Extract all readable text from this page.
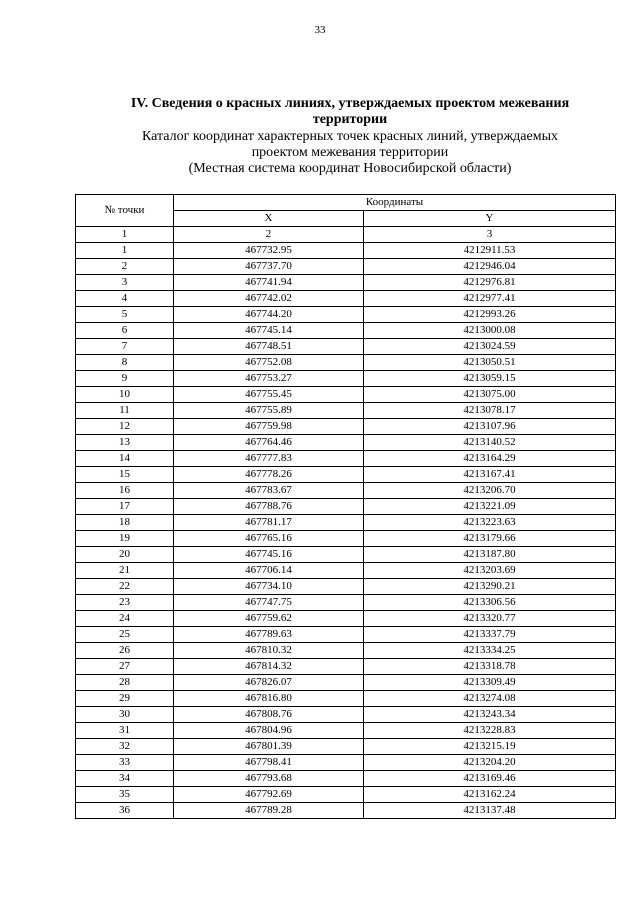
33
IV. Сведения о красных линиях, утверждаемых проектом межевания
территории
Каталог координат характерных точек красных линий, утверждаемых
проектом межевания территории
(Местная система координат Новосибирской области)
№ точки	Координаты	
	X	Y
1	2	3
1	467732.95	4212911.53
2	467737.70	4212946.04
3	467741.94	4212976.81
4	467742.02	4212977.41
5	467744.20	4212993.26
6	467745.14	4213000.08
7	467748.51	4213024.59
8	467752.08	4213050.51
9	467753.27	4213059.15
10	467755.45	4213075.00
11	467755.89	4213078.17
12	467759.98	4213107.96
13	467764.46	4213140.52
14	467777.83	4213164.29
15	467778.26	4213167.41
16	467783.67	4213206.70
17	467788.76	4213221.09
18	467781.17	4213223.63
19	467765.16	4213179.66
20	467745.16	4213187.80
21	467706.14	4213203.69
22	467734.10	4213290.21
23	467747.75	4213306.56
24	467759.62	4213320.77
25	467789.63	4213337.79
26	467810.32	4213334.25
27	467814.32	4213318.78
28	467826.07	4213309.49
29	467816.80	4213274.08
30	467808.76	4213243.34
31	467804.96	4213228.83
32	467801.39	4213215.19
33	467798.41	4213204.20
34	467793.68	4213169.46
35	467792.69	4213162.24
36	467789.28	4213137.48
